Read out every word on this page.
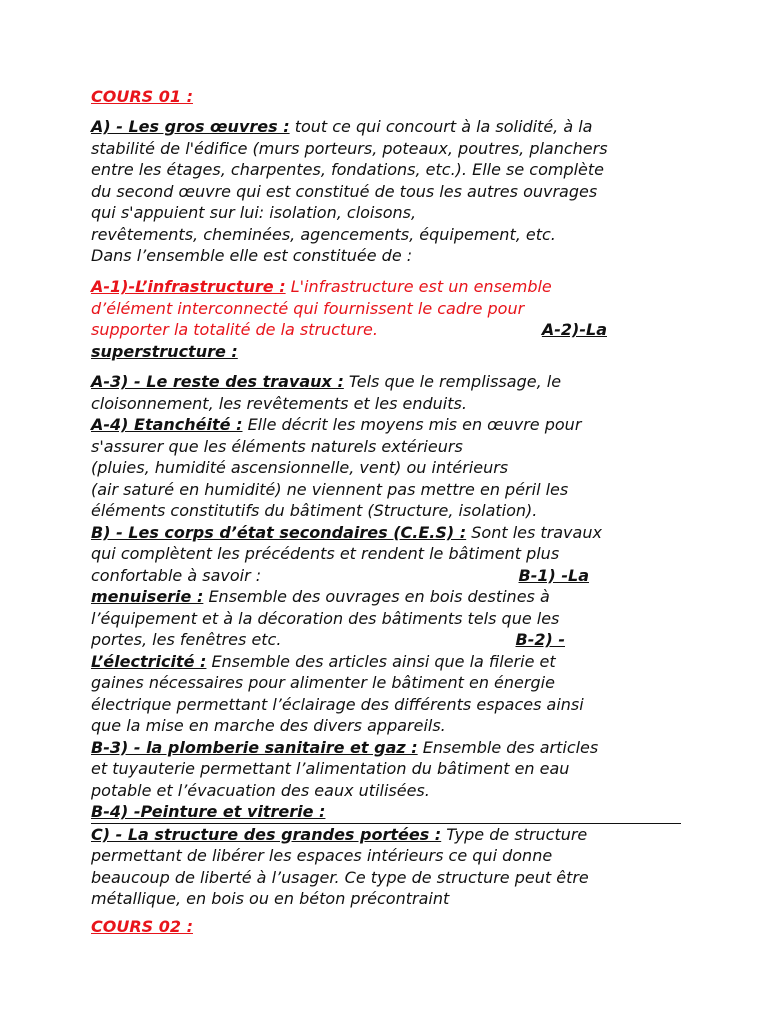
COURS 01 :
A) - Les gros œuvres : tout ce qui concourt à la solidité, à la
stabilité de l'édifice (murs porteurs, poteaux, poutres, planchers
entre les étages, charpentes, fondations, etc.). Elle se complète
du second œuvre qui est constitué de tous les autres ouvrages
qui s'appuient sur lui: isolation, cloisons,
revêtements, cheminées, agencements, équipement, etc.
Dans l’ensemble elle est constituée de :
A-1)-L’infrastructure : L'infrastructure est un ensemble
d’élément interconnecté qui fournissent le cadre pour
supporter la totalité de la structure.	A-2)-La
superstructure :
A-3) - Le reste des travaux : Tels que le remplissage, le
cloisonnement, les revêtements et les enduits.
A-4) Etanchéité : Elle décrit les moyens mis en œuvre pour
s'assurer que les éléments naturels extérieurs
(pluies, humidité ascensionnelle, vent) ou intérieurs
(air saturé en humidité) ne viennent pas mettre en péril les
éléments constitutifs du bâtiment (Structure, isolation).
B) - Les corps d’état secondaires (C.E.S) : Sont les travaux
qui complètent les précédents et rendent le bâtiment plus
confortable à savoir :	B-1) -La
menuiserie : Ensemble des ouvrages en bois destines à
l’équipement et à la décoration des bâtiments tels que les
portes, les fenêtres etc.	B-2) -
L’électricité : Ensemble des articles ainsi que la filerie et
gaines nécessaires pour alimenter le bâtiment en énergie
électrique permettant l’éclairage des différents espaces ainsi
que la mise en marche des divers appareils.
B-3) - la plomberie sanitaire et gaz : Ensemble des articles
et tuyauterie permettant l’alimentation du bâtiment en eau
potable et l’évacuation des eaux utilisées.
B-4) -Peinture et vitrerie :
C) - La structure des grandes portées : Type de structure
permettant de libérer les espaces intérieurs ce qui donne
beaucoup de liberté à l’usager. Ce type de structure peut être
métallique, en bois ou en béton précontraint
COURS 02 :
